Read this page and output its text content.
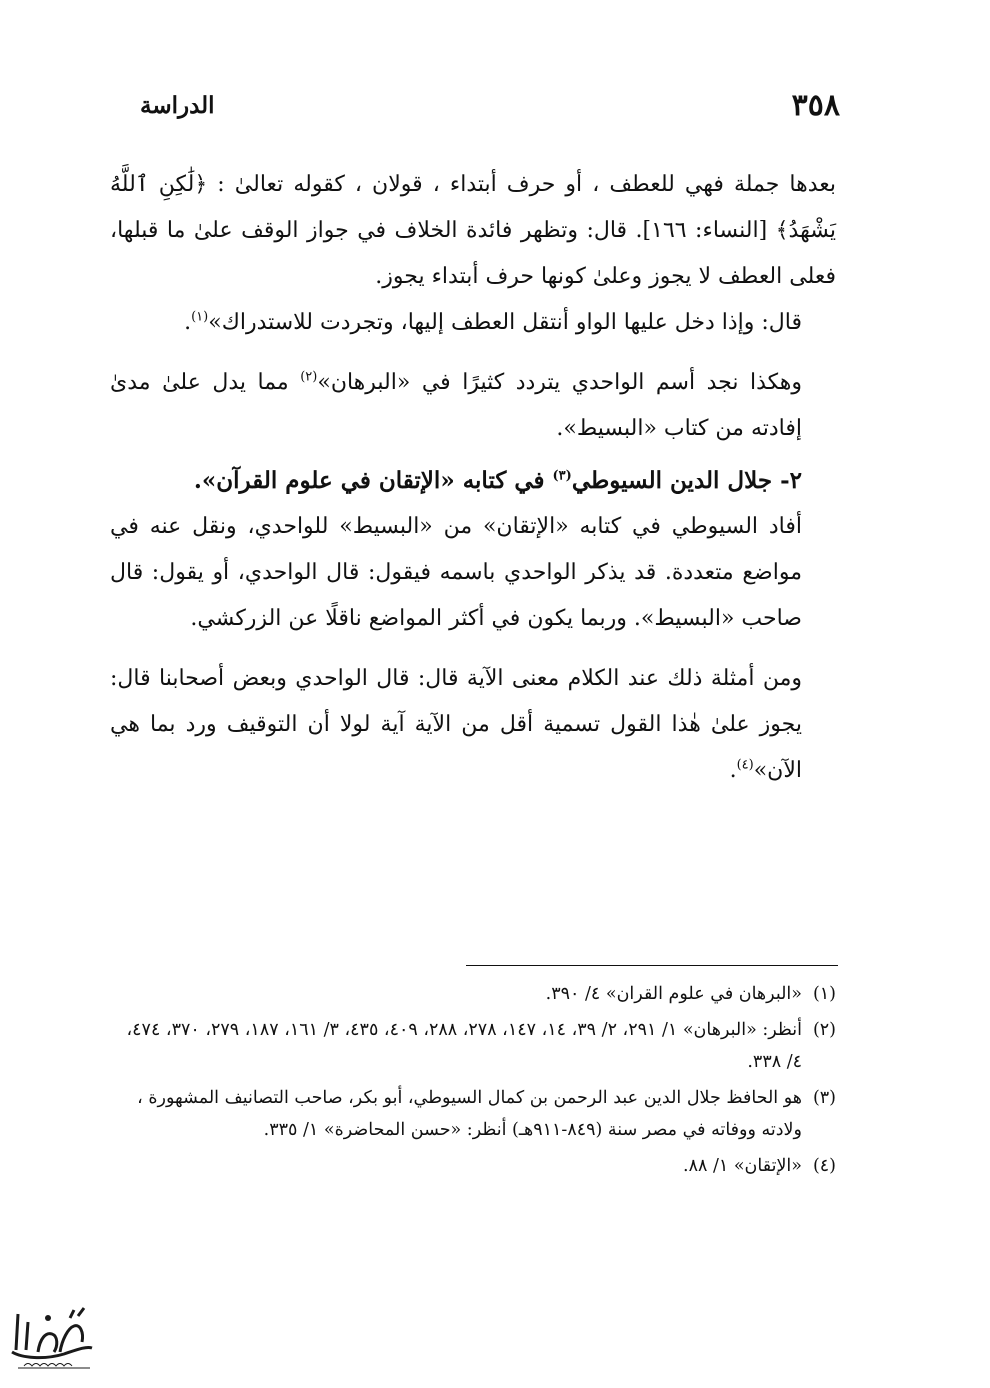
٣٥٨
الدراسة

بعدها جملة فهي للعطف ، أو حرف أبتداء ، قولان ، كقوله تعالىٰ : ﴿لَٰكِنِ ٱللَّهُ يَشْهَدُ﴾ [النساء: ١٦٦]. قال: وتظهر فائدة الخلاف في جواز الوقف علىٰ ما قبلها، فعلى العطف لا يجوز وعلىٰ كونها حرف أبتداء يجوز.

قال: وإذا دخل عليها الواو أنتقل العطف إليها، وتجردت للاستدراك»$^{(١)}$.

وهكذا نجد أسم الواحدي يتردد كثيرًا في «البرهان»$^{(٢)}$ مما يدل علىٰ مدىٰ إفادته من كتاب «البسيط».

٢- جلال الدين السيوطي$^{(٣)}$ في كتابه «الإتقان في علوم القرآن».

أفاد السيوطي في كتابه «الإتقان» من «البسيط» للواحدي، ونقل عنه في مواضع متعددة. قد يذكر الواحدي باسمه فيقول: قال الواحدي، أو يقول: قال صاحب «البسيط». وربما يكون في أكثر المواضع ناقلًا عن الزركشي.

ومن أمثلة ذلك عند الكلام معنى الآية قال: قال الواحدي وبعض أصحابنا قال: يجوز علىٰ هٰذا القول تسمية أقل من الآية آية لولا أن التوقيف ورد بما هي الآن»$^{(٤)}$.

(١)
«البرهان في علوم القران» ٤/ ٣٩٠.
(٢)
أنظر: «البرهان» ١/ ٢٩١، ٢/ ٣٩، ١٤، ١٤٧، ٢٧٨، ٢٨٨، ٤٠٩، ٤٣٥، ٣/ ١٦١، ١٨٧، ٢٧٩، ٣٧٠، ٤٧٤، ٤/ ٣٣٨.
(٣)
هو الحافظ جلال الدين عبد الرحمن بن كمال السيوطي، أبو بكر، صاحب التصانيف المشهورة ، ولادته ووفاته في مصر سنة (٨٤٩-٩١١هـ) أنظر: «حسن المحاضرة» ١/ ٣٣٥.
(٤)
«الإتقان» ١/ ٨٨.
